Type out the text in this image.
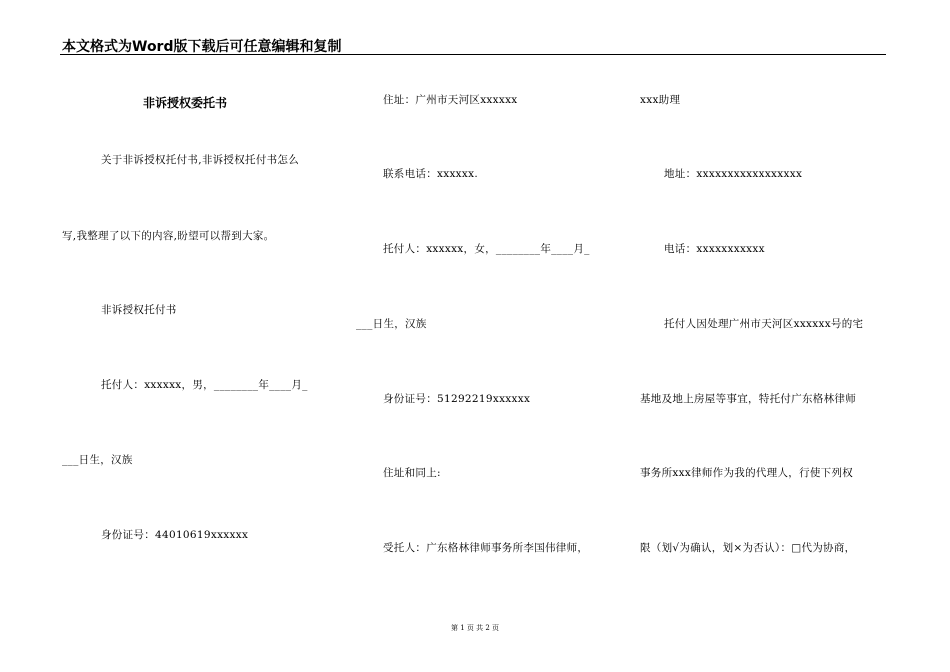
本文格式为Word版下载后可任意编辑和复制
非诉授权委托书
关于非诉授权托付书,非诉授权托付书怎么
写,我整理了以下的内容,盼望可以帮到大家。
非诉授权托付书
托付人：xxxxxx，男，________年____月_
___日生，汉族
身份证号：44010619xxxxxx
住址：广州市天河区xxxxxx
联系电话：xxxxxx.
托付人：xxxxxx，女，________年____月_
___日生，汉族
身份证号：51292219xxxxxx
住址和同上:
受托人：广东格林律师事务所李国伟律师，
xxx助理
地址：xxxxxxxxxxxxxxxxx
电话：xxxxxxxxxxx
托付人因处理广州市天河区xxxxxx号的宅
基地及地上房屋等事宜，特托付广东格林律师
事务所xxx律师作为我的代理人，行使下列权
限（划√为确认，划×为否认）：□代为协商，
第 1 页 共 2 页
